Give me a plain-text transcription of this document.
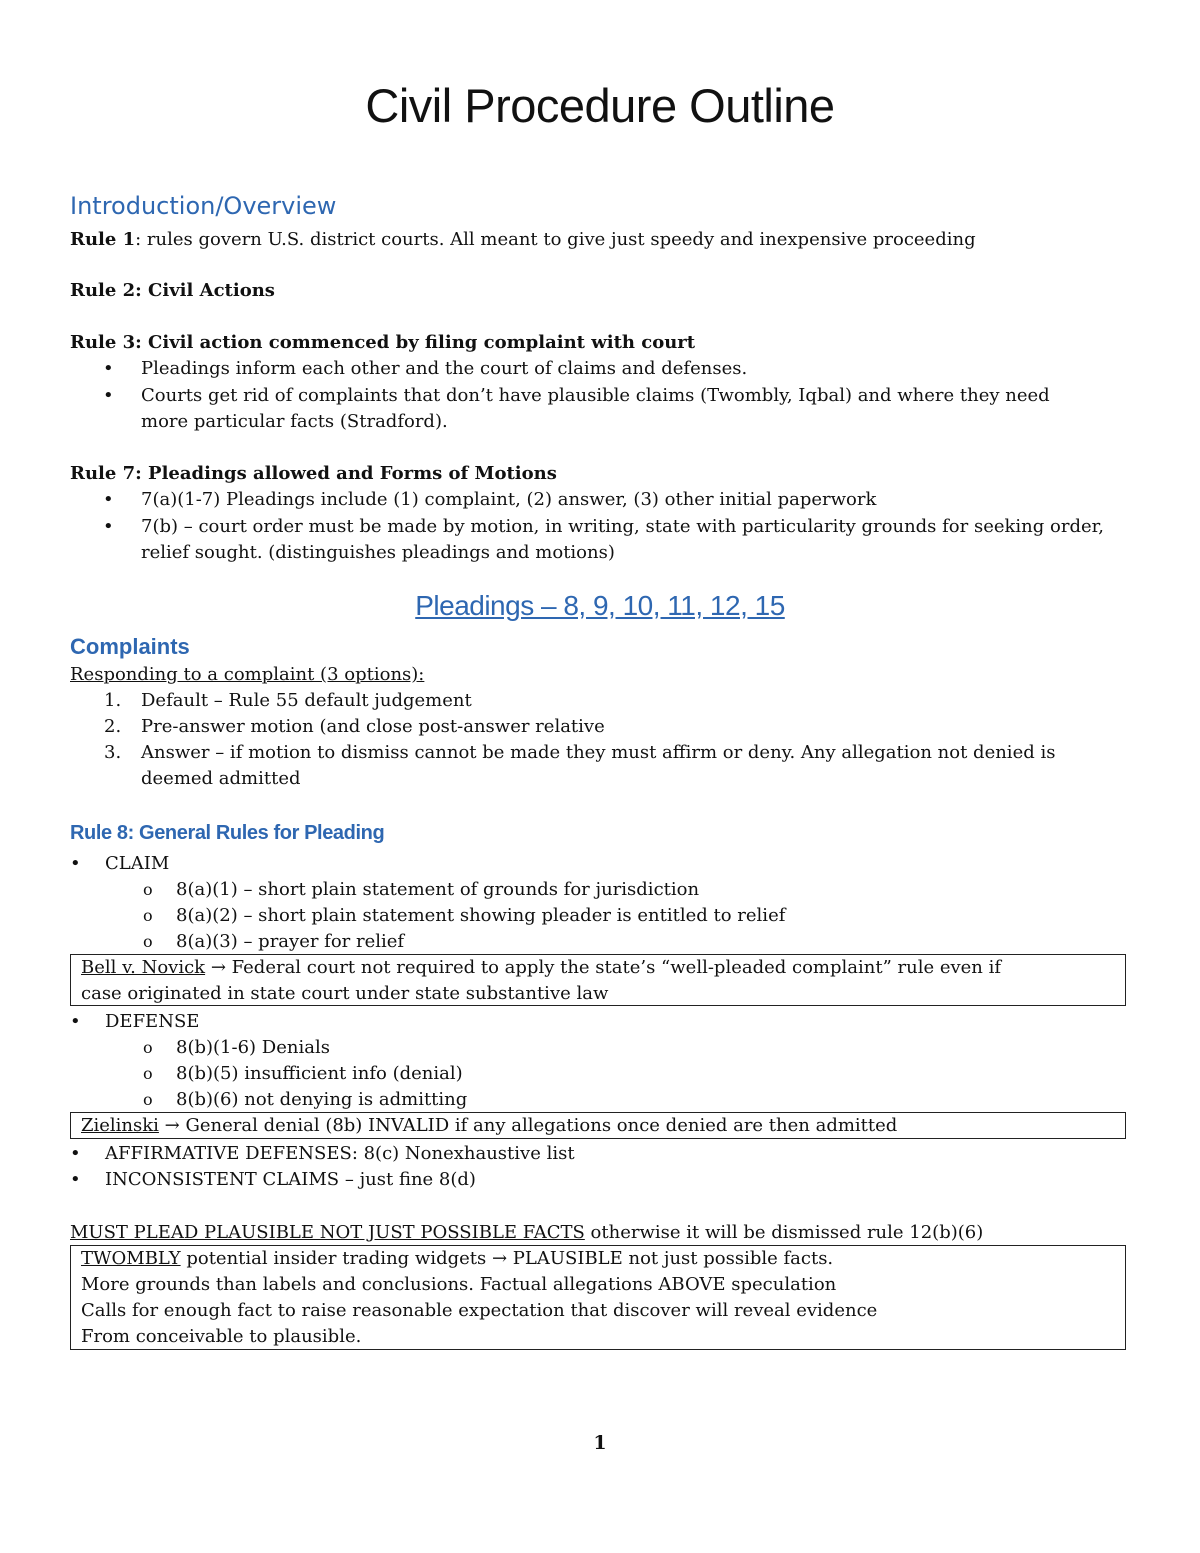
Civil Procedure Outline
Introduction/Overview
Rule 1: rules govern U.S. district courts. All meant to give just speedy and inexpensive proceeding
Rule 2: Civil Actions
Rule 3: Civil action commenced by filing complaint with court
• Pleadings inform each other and the court of claims and defenses.
• Courts get rid of complaints that don’t have plausible claims (Twombly, Iqbal) and where they need more particular facts (Stradford).
Rule 7: Pleadings allowed and Forms of Motions
• 7(a)(1-7) Pleadings include (1) complaint, (2) answer, (3) other initial paperwork
• 7(b) – court order must be made by motion, in writing, state with particularity grounds for seeking order, relief sought. (distinguishes pleadings and motions)
Pleadings – 8, 9, 10, 11, 12, 15
Complaints
Responding to a complaint (3 options):
1. Default – Rule 55 default judgement
2. Pre-answer motion (and close post-answer relative
3. Answer – if motion to dismiss cannot be made they must affirm or deny. Any allegation not denied is deemed admitted
Rule 8: General Rules for Pleading
• CLAIM
o 8(a)(1) – short plain statement of grounds for jurisdiction
o 8(a)(2) – short plain statement showing pleader is entitled to relief
o 8(a)(3) – prayer for relief
Bell v. Novick → Federal court not required to apply the state’s “well-pleaded complaint” rule even if
case originated in state court under state substantive law
• DEFENSE
o 8(b)(1-6) Denials
o 8(b)(5) insufficient info (denial)
o 8(b)(6) not denying is admitting
Zielinski → General denial (8b) INVALID if any allegations once denied are then admitted
• AFFIRMATIVE DEFENSES: 8(c) Nonexhaustive list
• INCONSISTENT CLAIMS – just fine 8(d)
MUST PLEAD PLAUSIBLE NOT JUST POSSIBLE FACTS otherwise it will be dismissed rule 12(b)(6)
TWOMBLY potential insider trading widgets → PLAUSIBLE not just possible facts.
More grounds than labels and conclusions. Factual allegations ABOVE speculation
Calls for enough fact to raise reasonable expectation that discover will reveal evidence
From conceivable to plausible.
1
